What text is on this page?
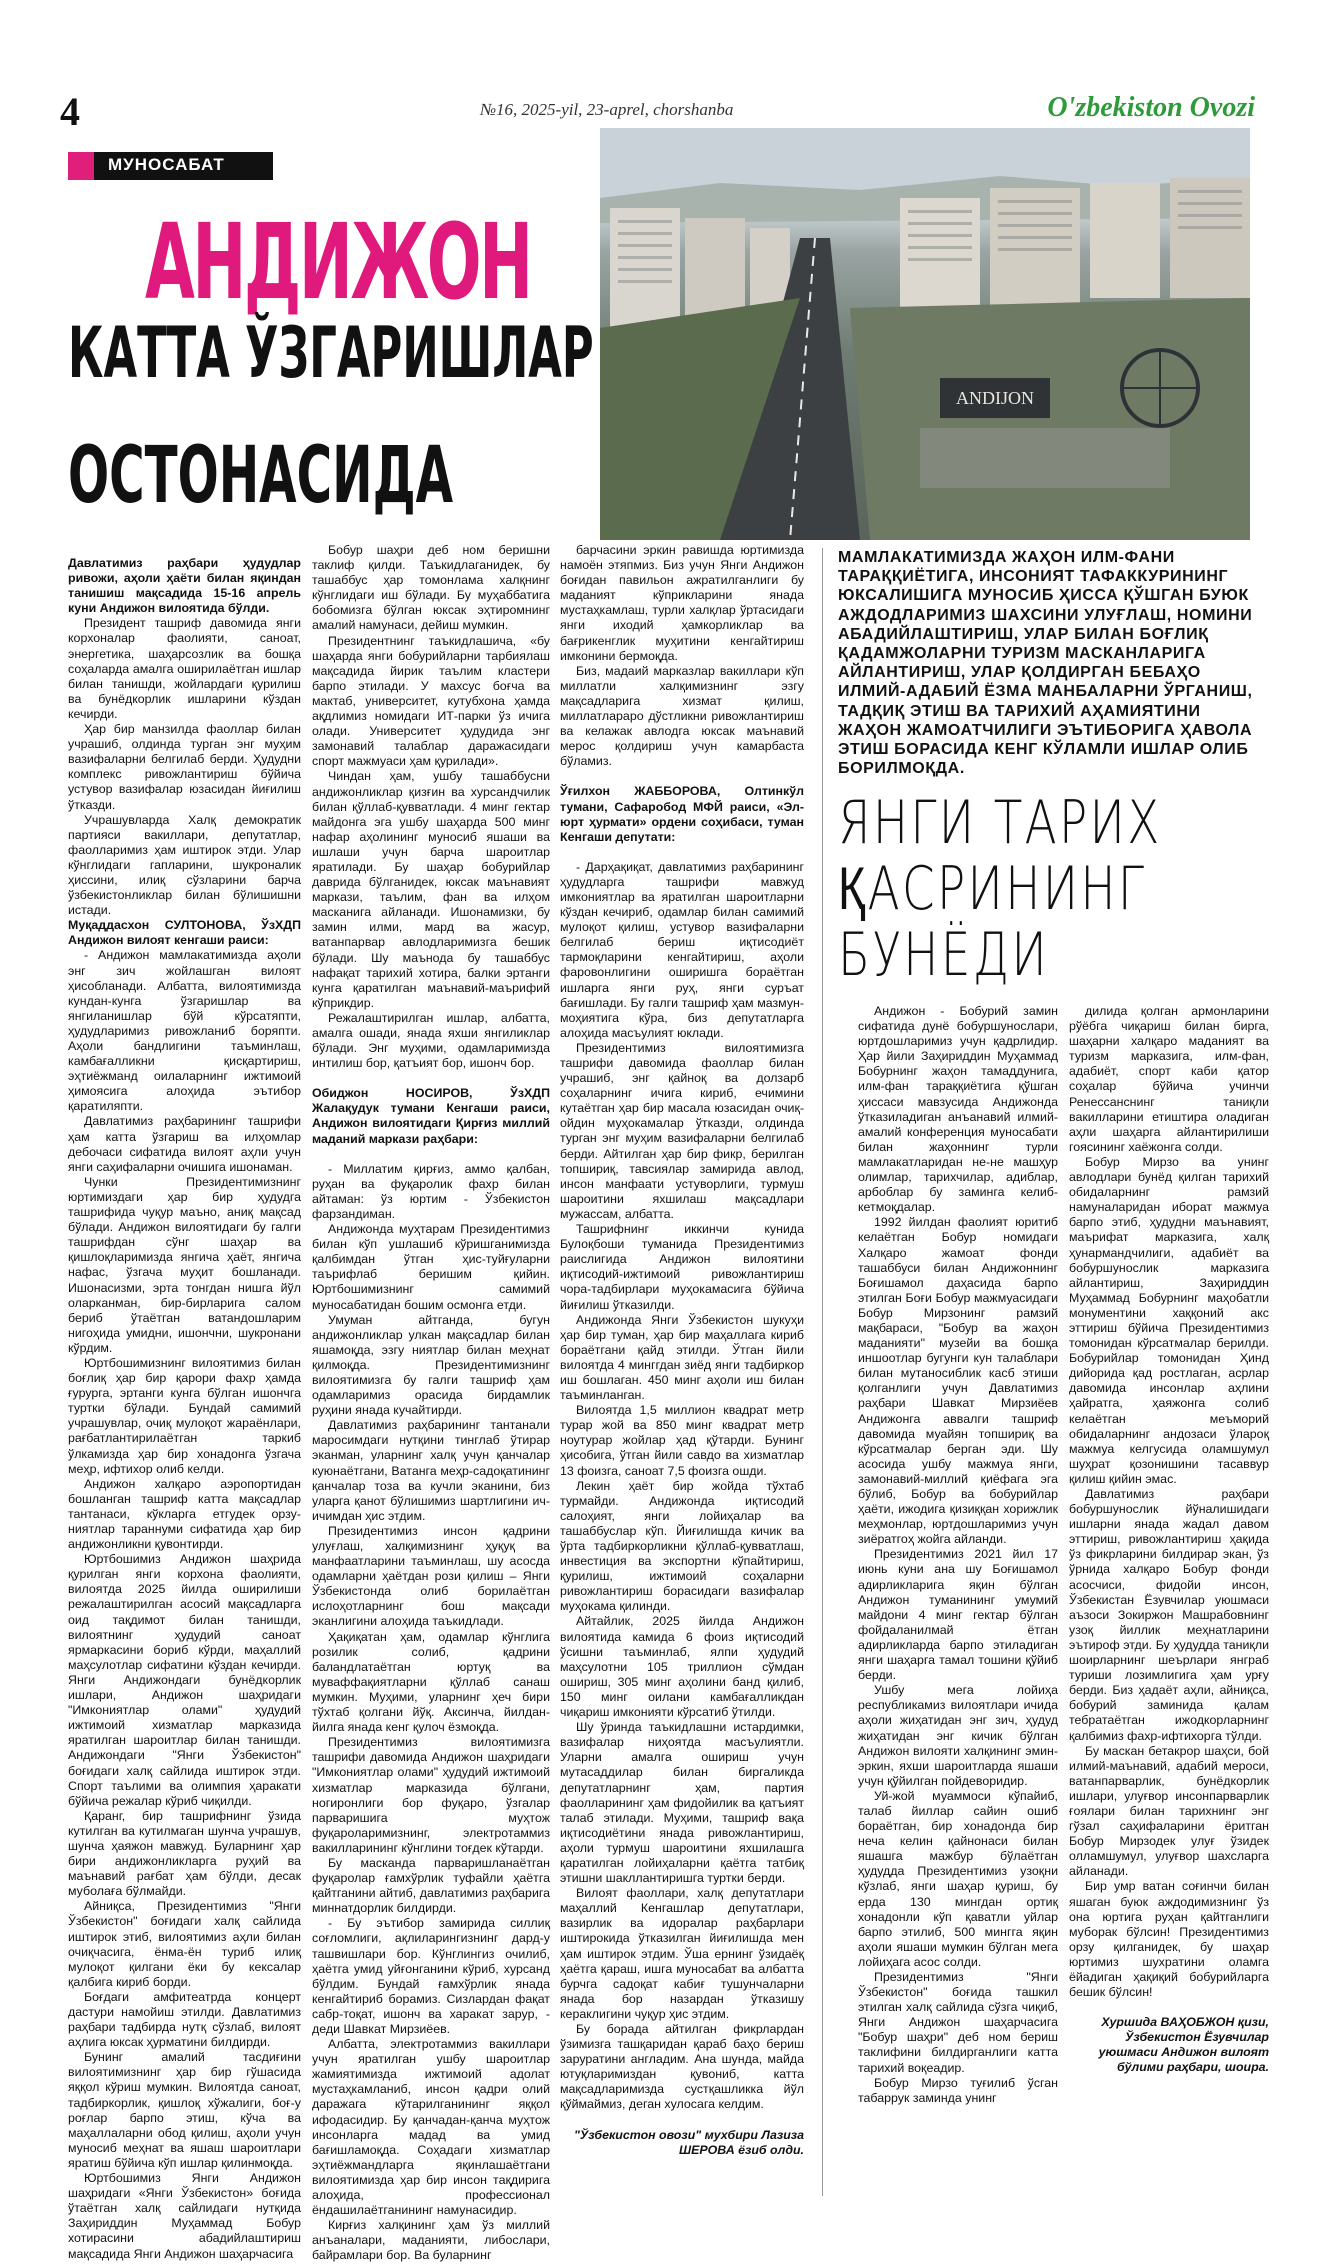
4	№16, 2025-yil, 23-aprel, chorshanba	O'zbekiston Ovozi
ANDIJON
МУНОСАБАТ
АНДИЖОН
КАТТА ЎЗГАРИШЛАР
ОСТОНАСИДА

Давлатимиз раҳбари ҳудудлар ривожи, аҳоли ҳаёти билан яқиндан танишиш мақсадида 15-16 апрель куни Андижон вилоятида бўлди.

Президент ташриф давомида янги корхоналар фаолияти, саноат, энергетика, шаҳарсозлик ва бошқа соҳаларда амалга оширилаётган ишлар билан танишди, жойлардаги қурилиш ва бунёдкорлик ишларини кўздан кечирди.

Ҳар бир манзилда фаоллар билан учрашиб, олдинда турган энг муҳим вазифаларни белгилаб берди. Ҳудудни комплекс ривожлантириш бўйича устувор вазифалар юзасидан йиғилиш ўтказди.

Учрашувларда Халқ демократик партияси вакиллари, депутатлар, фаолларимиз ҳам иштирок этди. Улар кўнглидаги гапларини, шукроналик ҳиссини, илиқ сўзларини барча ўзбекистонликлар билан бўлишишни истади.

Муқаддасхон СУЛТОНОВА, ЎзХДП Андижон вилоят кенгаши раиси:

- Андижон мамлакатимизда аҳоли энг зич жойлашган вилоят ҳисобланади. Албатта, вилоятимизда кундан-кунга ўзгаришлар ва янгиланишлар бўй кўрсатяпти, ҳудудларимиз ривожланиб боряпти. Аҳоли бандлигини таъминлаш, камбағалликни қисқартириш, эҳтиёжманд оилаларнинг ижтимоий ҳимоясига алоҳида эътибор қаратиляпти.

Давлатимиз раҳбарининг ташрифи ҳам катта ўзгариш ва илҳомлар дебочаси сифатида вилоят аҳли учун янги саҳифаларни очишига ишонаман.

Чунки Президентимизнинг юртимиздаги ҳар бир ҳудудга ташрифида чуқур маъно, аниқ мақсад бўлади. Андижон вилоятидаги бу галги ташрифдан сўнг шаҳар ва қишлоқларимизда янгича ҳаёт, янгича нафас, ўзгача муҳит бошланади. Ишонасизми, эрта тонгдан нишга йўл оларканман, бир-бирларига салом бериб ўтаётган ватандошларим нигоҳида умидни, ишончни, шукронани кўрдим.

Юртбошимизнинг вилоятимиз билан боғлиқ ҳар бир қарори фахр ҳамда ғурурга, эртанги кунга бўлган ишончга туртки бўлади. Бундай самимий учрашувлар, очиқ мулоқот жараёнлари, рағбатлантирилаётган таркиб ўлкамизда ҳар бир хонадонга ўзгача меҳр, ифтихор олиб келди.

Андижон халқаро аэропортидан бошланган ташриф катта мақсадлар тантанаси, кўкларга етгудек орзу-ниятлар тараннуми сифатида ҳар бир андижонликни қувонтирди.

Юртбошимиз Андижон шаҳрида қурилган янги корхона фаолияти, вилоятда 2025 йилда оширилиши режалаштирилган асосий мақсадларга оид тақдимот билан танишди, вилоятнинг ҳудудий саноат ярмаркасини бориб кўрди, маҳаллий маҳсулотлар сифатини кўздан кечирди. Янги Андижондаги бунёдкорлик ишлари, Андижон шаҳридаги "Имкониятлар олами" ҳудудий ижтимоий хизматлар марказида яратилган шароитлар билан танишди. Андижондаги "Янги Ўзбекистон" боғидаги халқ сайлида иштирок этди. Спорт таълими ва олимпия ҳаракати бўйича режалар кўриб чиқилди.

Қаранг, бир ташрифнинг ўзида кутилган ва кутилмаган шунча учрашув, шунча ҳаяжон мавжуд. Буларнинг ҳар бири андижонликларга руҳий ва маънавий рағбат ҳам бўлди, десак муболаға бўлмайди.

Айниқса, Президентимиз "Янги Ўзбекистон" боғидаги халқ сайлида иштирок этиб, вилоятимиз аҳли билан очиқчасига, ёнма-ён туриб илиқ мулоқот қилгани ёки бу кексалар қалбига кириб борди.

Боғдаги амфитеатрда концерт дастури намойиш этилди. Давлатимиз раҳбари тадбирда нутқ сўзлаб, вилоят аҳлига юксак ҳурматини билдирди.

Бунинг амалий тасдиғини вилоятимизнинг ҳар бир гўшасида яққол кўриш мумкин. Вилоятда саноат, тадбиркорлик, қишлоқ хўжалиги, боғ-у роғлар барпо этиш, кўча ва маҳаллаларни обод қилиш, аҳоли учун муносиб меҳнат ва яшаш шароитлари яратиш бўйича кўп ишлар қилинмоқда.

Юртбошимиз Янги Андижон шаҳридаги «Янги Ўзбекистон» боғида ўтаётган халқ сайлидаги нутқида Заҳириддин Муҳаммад Бобур хотирасини абадийлаштириш мақсадида Янги Андижон шаҳарчасига

Бобур шаҳри деб ном беришни таклиф қилди. Таъкидлаганидек, бу ташаббус ҳар томонлама халқнинг кўнглидаги иш бўлади. Бу муҳаббатига бобомизга бўлган юксак эҳтиромнинг амалий намунаси, дейиш мумкин.

Президентнинг таъкидлашича, «бу шаҳарда янги бобурийларни тарбиялаш мақсадида йирик таълим кластери барпо этилади. У махсус боғча ва мактаб, университет, кутубхона ҳамда ақдлимиз номидаги ИТ-парки ўз ичига олади. Университет ҳудудида энг замонавий талаблар даражасидаги спорт мажмуаси ҳам қурилади».

Чиндан ҳам, ушбу ташаббусни андижонликлар қизғин ва хурсандчилик билан қўллаб-қувватлади. 4 минг гектар майдонга эга ушбу шаҳарда 500 минг нафар аҳолининг муносиб яшаши ва ишлаши учун барча шароитлар яратилади. Бу шаҳар бобурийлар даврида бўлганидек, юксак маънавият маркази, таълим, фан ва илҳом масканига айланади. Ишонамизки, бу замин илми, мард ва жасур, ватанпарвар авлодларимизга бешик бўлади. Шу маънода бу ташаббус нафақат тарихий хотира, балки эртанги кунга қаратилган маънавий-маърифий кўприкдир.

Режалаштирилган ишлар, албатта, амалга ошади, янада яхши янгиликлар бўлади. Энг муҳими, одамларимизда интилиш бор, қатъият бор, ишонч бор.

Обиджон НОСИРОВ, ЎзХДП Жалақудук тумани Кенгаши раиси, Андижон вилоятидаги Қирғиз миллий маданий маркази раҳбари:

- Миллатим қирғиз, аммо қалбан, руҳан ва фуқаролик фахр билан айтаман: ўз юртим - Ўзбекистон фарзандиман.

Андижонда муҳтарам Президентимиз билан кўп ушлашиб кўришганимизда қалбимдан ўтган ҳис-туйғуларни таърифлаб беришим қийин. Юртбошимизнинг самимий муносабатидан бошим осмонга етди.

Умуман айтганда, бугун андижонликлар улкан мақсадлар билан яшамоқда, эзгу ниятлар билан меҳнат қилмоқда. Президентимизнинг вилоятимизга бу галги ташриф ҳам одамларимиз орасида бирдамлик руҳини янада кучайтирди.

Давлатимиз раҳбарининг тантанали маросимдаги нутқини тинглаб ўтирар эканман, уларнинг халқ учун қанчалар куюнаётгани, Ватанга меҳр-садоқатининг қанчалар тоза ва кучли эканини, биз уларга қанот бўлишимиз шартлигини ич-ичимдан ҳис этдим.

Президентимиз инсон қадрини улуғлаш, халқимизнинг ҳуқуқ ва манфаатларини таъминлаш, шу асосда одамларни ҳаётдан рози қилиш – Янги Ўзбекистонда олиб борилаётган ислоҳотларнинг бош мақсади эканлигини алоҳида таъкидлади.

Ҳақиқатан ҳам, одамлар кўнглига розилик солиб, қадрини баландлатаётган юртуқ ва муваффақиятларни қўллаб санаш мумкин. Муҳими, уларнинг ҳеч бири тўхтаб қолгани йўқ. Аксинча, йилдан-йилга янада кенг қулоч ёзмоқда.

Президентимиз вилоятимизга ташрифи давомида Андижон шаҳридаги "Имкониятлар олами" ҳудудий ижтимоий хизматлар марказида бўлгани, ногиронлиги бор фуқаро, ўзгалар парваришига муҳтож фуқароларимизнинг, электротаммиз вакилларининг кўнглини тоғдек кўтарди.

Бу масканда парваришланаётган фуқаролар ғамхўрлик туфайли ҳаётга қайтганини айтиб, давлатимиз раҳбарига миннатдорлик билдирди.

- Бу эътибор замирида силлиқ соғломлиги, ақлиларингизнинг дард-у ташвишлари бор. Кўнглингиз очилиб, ҳаётга умид уйғонганини кўриб, хурсанд бўлдим. Бундай ғамхўрлик янада кенгайтириб борамиз. Сизлардан фақат сабр-тоқат, ишонч ва харакат зарур, - деди Шавкат Мирзиёев.

Албатта, электротаммиз вакиллари учун яратилган ушбу шароитлар жамиятимизда ижтимоий адолат мустаҳкамланиб, инсон қадри олий даражага кўтарилганининг яққол ифодасидир. Бу қанчадан-қанча муҳтож инсонларга мадад ва умид бағишламоқда. Соҳадаги хизматлар эҳтиёжмандларга яқинлашаётгани вилоятимизда ҳар бир инсон тақдирига алоҳида, профессионал ёндашилаётганининг намунасидир.

Кирғиз халқининг ҳам ўз миллий анъаналари, маданияти, либослари, байрамлари бор. Ва буларнинг

барчасини эркин равишда юртимизда намоён этяпмиз. Биз учун Янги Андижон боғидан павильон ажратилганлиги бу маданият кўприкларини янада мустаҳкамлаш, турли халқлар ўртасидаги янги иходий ҳамкорликлар ва бағрикенглик муҳитини кенгайтириш имконини бермоқда.

Биз, мадаий марказлар вакиллари кўп миллатли халқимизнинг эзгу мақсадларига хизмат қилиш, миллатлараро дўстликни ривожлантириш ва келажак авлодга юксак маънавий мерос қолдириш учун камарбаста бўламиз.

Ўғилхон ЖАББОРОВА, Олтинкўл тумани, Сафаробод МФЙ раиси, «Эл-юрт ҳурмати» ордени соҳибаси, туман Кенгаши депутати:

- Дарҳақиқат, давлатимиз раҳбарининг ҳудудларга ташрифи мавжуд имкониятлар ва яратилган шароитларни кўздан кечириб, одамлар билан самимий мулоқот қилиш, устувор вазифаларни белгилаб бериш иқтисодиёт тармоқларини кенгайтириш, аҳоли фаровонлигини оширишга бораётган ишларга янги руҳ, янги суръат бағишлади. Бу галги ташриф ҳам мазмун-моҳиятига кўра, биз депутатларга алоҳида масъулият юклади.

Президентимиз вилоятимизга ташрифи давомида фаоллар билан учрашиб, энг қайноқ ва долзарб соҳаларнинг ичига кириб, ечимини кутаётган ҳар бир масала юзасидан очиқ-ойдин муҳокамалар ўтказди, олдинда турган энг муҳим вазифаларни белгилаб берди. Айтилган ҳар бир фикр, берилган топшириқ, тавсиялар замирида авлод, инсон манфаати устуворлиги, турмуш шароитини яхшилаш мақсадлари мужассам, албатта.

Ташрифнинг иккинчи кунида Булоқбоши туманида Президентимиз раислигида Андижон вилоятини иқтисодий-ижтимоий ривожлантириш чора-тадбирлари муҳокамасига бўйича йиғилиш ўтказилди.

Андижонда Янги Ўзбекистон шукуҳи ҳар бир туман, ҳар бир маҳаллага кириб бораётгани қайд этилди. Ўтган йили вилоятда 4 минггдан зиёд янги тадбиркор иш бошлаган. 450 минг аҳоли иш билан таъминланган.

Вилоятда 1,5 миллион квадрат метр турар жой ва 850 минг квадрат метр ноутурар жойлар ҳад қўтарди. Бунинг ҳисобига, ўтган йили савдо ва хизматлар 13 фоизга, саноат 7,5 фоизга ошди.

Лекин ҳаёт бир жойда тўхтаб турмайди. Андижонда иқтисодий салоҳият, янги лойиҳалар ва ташаббуслар кўп. Йиғилишда кичик ва ўрта тадбиркорликни қўллаб-қувватлаш, инвестиция ва экспортни кўпайтириш, қурилиш, ижтимоий соҳаларни ривожлантириш борасидаги вазифалар муҳокама қилинди.

Айтайлик, 2025 йилда Андижон вилоятида камида 6 фоиз иқтисодий ўсишни таъминлаб, ялпи ҳудудий маҳсулотни 105 триллион сўмдан ошириш, 305 минг аҳолини банд қилиб, 150 минг оилани камбағалликдан чиқариш имконияти кўрсатиб ўтилди.

Шу ўринда таъкидлашни истардимки, вазифалар ниҳоятда масъулиятли. Уларни амалга ошириш учун мутасаддилар билан биргаликда депутатларнинг ҳам, партия фаолларининг ҳам фидойилик ва қатъият талаб этилади. Муҳими, ташриф вақа иқтисодиётини янада ривожлантириш, аҳоли турмуш шароитини яхшилашга қаратилган лойиҳаларни қаётга татбиқ этишни шакллантиришга туртки берди.

Вилоят фаоллари, халқ депутатлари маҳаллий Кенгашлар депутатлари, вазирлик ва идоралар раҳбарлари иштирокида ўтказилган йиғилишда мен ҳам иштирок этдим. Ўша ернинг ўзидаёқ ҳаётга қараш, ишга муносабат ва албатта бурчга садоқат кабиғ тушунчаларни янада бор назардан ўтказишу кераклигини чуқур ҳис этдим.

Бу борада айтилган фикрлардан ўзимизга ташқаридан қараб баҳо бериш заруратини англадим. Ана шунда, майда ютуқларимиздан қувониб, катта мақсадларимизда сустқашликка йўл қўймаймиз, деган хулосага келдим.

"Ўзбекистон овози" мухбири Лазиза ШЕРОВА ёзиб олди.

МАМЛАКАТИМИЗДА ЖАҲОН ИЛМ-ФАНИ ТАРАҚҚИЁТИГА, ИНСОНИЯТ ТАФАККУРИНИНГ ЮКСАЛИШИГА МУНОСИБ ҲИССА ҚЎШГАН БУЮК АЖДОДЛАРИМИЗ ШАХСИНИ УЛУҒЛАШ, НОМИНИ АБАДИЙЛАШТИРИШ, УЛАР БИЛАН БОҒЛИҚ ҚАДАМЖОЛАРНИ ТУРИЗМ МАСКАНЛАРИГА АЙЛАНТИРИШ, УЛАР ҚОЛДИРГАН БЕБАҲО ИЛМИЙ-АДАБИЙ ЁЗМА МАНБАЛАРНИ ЎРГАНИШ, ТАДҚИҚ ЭТИШ ВА ТАРИХИЙ АҲАМИЯТИНИ ЖАҲОН ЖАМОАТЧИЛИГИ ЭЪТИБОРИГА ҲАВОЛА ЭТИШ БОРАСИДА КЕНГ КЎЛАМЛИ ИШЛАР ОЛИБ БОРИЛМОҚДА.
ЯНГИ ТАРИХ
ҚАСРИНИНГ
БУНЁДИ

Андижон - Бобурий замин сифатида дунё бобуршунослари, юртдошларимиз учун қадрлидир. Ҳар йили Заҳириддин Муҳаммад Бобурнинг жаҳон тамаддунига, илм-фан тараққиётига қўшган ҳиссаси мавзусида Андижонда ўтказиладиган анъанавий илмий-амалий конференция муносабати билан жаҳоннинг турли мамлакатларидан не-не машҳур олимлар, тарихчилар, адиблар, арбоблар бу заминга келиб-кетмоқдалар.

1992 йилдан фаолият юритиб келаётган Бобур номидаги Халқаро жамоат фонди ташаббуси билан Андижоннинг Боғишамол даҳасида барпо этилган Боғи Бобур мажмуасидаги Бобур Мирзонинг рамзий мақбараси, "Бобур ва жаҳон маданияти" музейи ва бошқа иншоотлар бугунги кун талаблари билан мутаносиблик касб этиши қолганлиги учун Давлатимиз раҳбари Шавкат Мирзиёев Андижонга аввалги ташриф давомида муайян топшириқ ва кўрсатмалар берган эди. Шу асосида ушбу мажмуа янги, замонавий-миллий қиёфага эга бўлиб, Бобур ва бобурийлар ҳаёти, ижодига қизиққан хорижлик меҳмонлар, юртдошларимиз учун зиёратгоҳ жойга айланди.

Президентимиз 2021 йил 17 июнь куни ана шу Боғишамол адирликларига яқин бўлган Андижон туманининг умумий майдони 4 минг гектар бўлган фойдаланилмай ётган адирликларда барпо этиладиган янги шаҳарга тамал тошини қўйиб берди.

Ушбу мега лойиҳа республикамиз вилоятлари ичида аҳоли жиҳатидан энг зич, ҳудуд жиҳатидан энг кичик бўлган Андижон вилояти халқининг эмин-эркин, яхши шароитларда яшаши учун қўйилган пойдеворидир.

Уй-жой муаммоси кўпайиб, талаб йиллар сайин ошиб бораётган, бир хонадонда бир неча келин қайнонаси билан яшашга мажбур бўлаётган ҳудудда Президентимиз узоқни кўзлаб, янги шаҳар қуриш, бу ерда 130 мингдан ортиқ хонадонли кўп қаватли уйлар барпо этилиб, 500 мингга яқин аҳоли яшаши мумкин бўлган мега лойиҳага асос солди.

Президентимиз "Янги Ўзбекистон" боғида ташкил этилган халқ сайлида сўзга чиқиб, Янги Андижон шаҳарчасига "Бобур шаҳри" деб ном бериш таклифини билдирганлиги катта тарихий воқеадир.

Бобур Мирзо туғилиб ўсган табаррук заминда унинг

дилида қолган армонларини рўёбга чиқариш билан бирга, шаҳарни халқаро маданият ва туризм марказига, илм-фан, адабиёт, спорт каби қатор соҳалар бўйича учинчи Ренессанснинг таниқли вакилларини етиштира оладиган аҳли шаҳарга айлантирилиши гоясининг хаёжонга солди.

Бобур Мирзо ва унинг авлодлари бунёд қилган тарихий обидаларнинг рамзий намуналаридан иборат мажмуа барпо этиб, ҳудудни маънавият, маърифат марказига, халқ ҳунармандчилиги, адабиёт ва бобуршунослик марказига айлантириш, Заҳириддин Муҳаммад Бобурнинг маҳобатли монументини хаққоний акс эттириш бўйича Президентимиз томонидан кўрсатмалар берилди. Бобурийлар томонидан Ҳинд дийорида қад ростлаган, асрлар давомида инсонлар аҳлини ҳайратга, ҳаяжонга солиб келаётган меъморий обидаларнинг андозаси ўлароқ мажмуа келгусида оламшумул шуҳрат қозонишини тасаввур қилиш қийин эмас.

Давлатимиз раҳбари бобуршунослик йўналишидаги ишларни янада жадал давом эттириш, ривожлантириш ҳақида ўз фикрларини билдирар экан, ўз ўрнида халқаро Бобур фонди асосчиси, фидойи инсон, Ўзбекистан Ёзувчилар уюшмаси аъзоси Зокиржон Машрабовнинг узоқ йиллик меҳнатларини эътироф этди. Бу ҳудудда таниқли шоирларнинг шеърлари янграб туриши лозимлигига ҳам урғу берди. Биз ҳадаёт аҳли, айниқса, бобурий заминида қалам тебратаётган ижодкорларнинг қалбимиз фахр-ифтихорга тўлди.

Бу маскан бетакрор шаҳси, бой илмий-маънавий, адабий мероси, ватанпарварлик, бунёдкорлик ишлари, улуғвор инсонпарварлик ғоялари билан тарихнинг энг гўзал саҳифаларини ёритган Бобур Мирзодек улуғ ўзидек олламшумул, улуғвор шахсларга айланади.

Бир умр ватан соғинчи билан яшаган буюк аждодимизнинг ўз она юртига руҳан қайтганлиги муборак бўлсин! Президентимиз орзу қилганидек, бу шаҳар юртимиз шухратини оламга ёйадиган ҳақиқий бобурийларга бешик бўлсин!

Хуршида ВАҲОБЖОН қизи, Ўзбекистон Ёзувчилар уюшмаси Андижон вилоят бўлими раҳбари, шоира.
